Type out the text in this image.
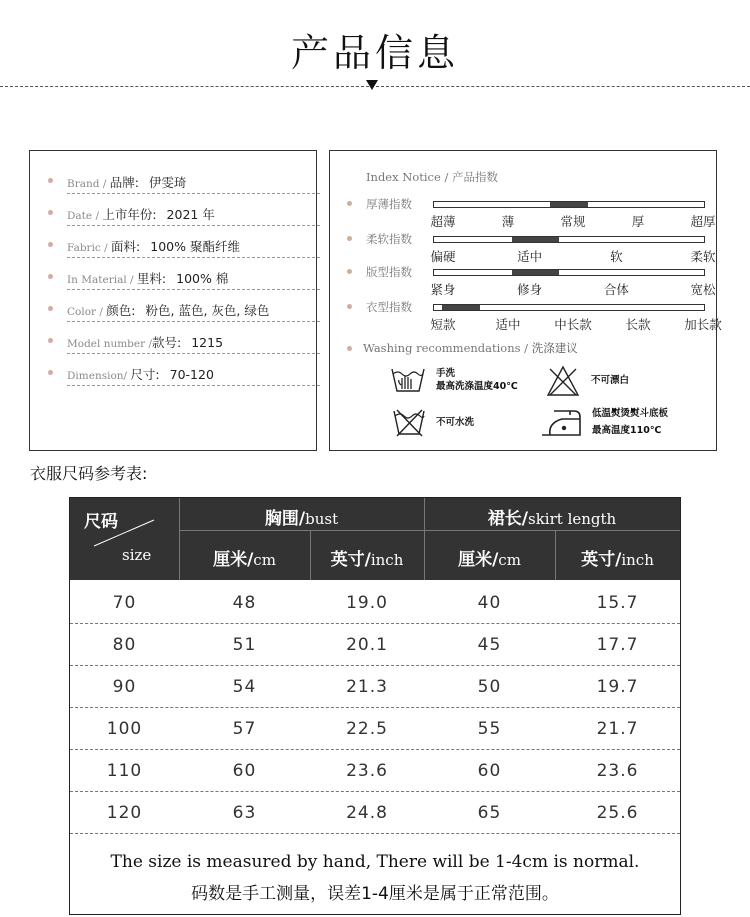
产品信息
Brand / 品牌: 伊雯琦
Date / 上市年份: 2021 年
Fabric / 面料: 100% 聚酯纤维
In Material / 里料: 100% 棉
Color / 颜色: 粉色, 蓝色, 灰色, 绿色
Model number /款号: 1215
Dimension/ 尺寸: 70-120
Index Notice / 产品指数
厚薄指数
超薄	薄	常规	厚	超厚
柔软指数
偏硬	适中	软	柔软
版型指数
紧身	修身	合体	宽松
衣型指数
短款	适中	中长款	长款	加长款
Washing recommendations / 洗涤建议
手洗
最高洗涤温度40℃
不可漂白
不可水洗
低温熨烫熨斗底板
最高温度110℃
衣服尺码参考表:
尺码
size
胸围/bust	裙长/skirt length
厘米/cm	英寸/inch	厘米/cm	英寸/inch
70	48	19.0	40	15.7
80	51	20.1	45	17.7
90	54	21.3	50	19.7
100	57	22.5	55	21.7
110	60	23.6	60	23.6
120	63	24.8	65	25.6
The size is measured by hand, There will be 1-4cm is normal.
码数是手工测量，误差1-4厘米是属于正常范围。
